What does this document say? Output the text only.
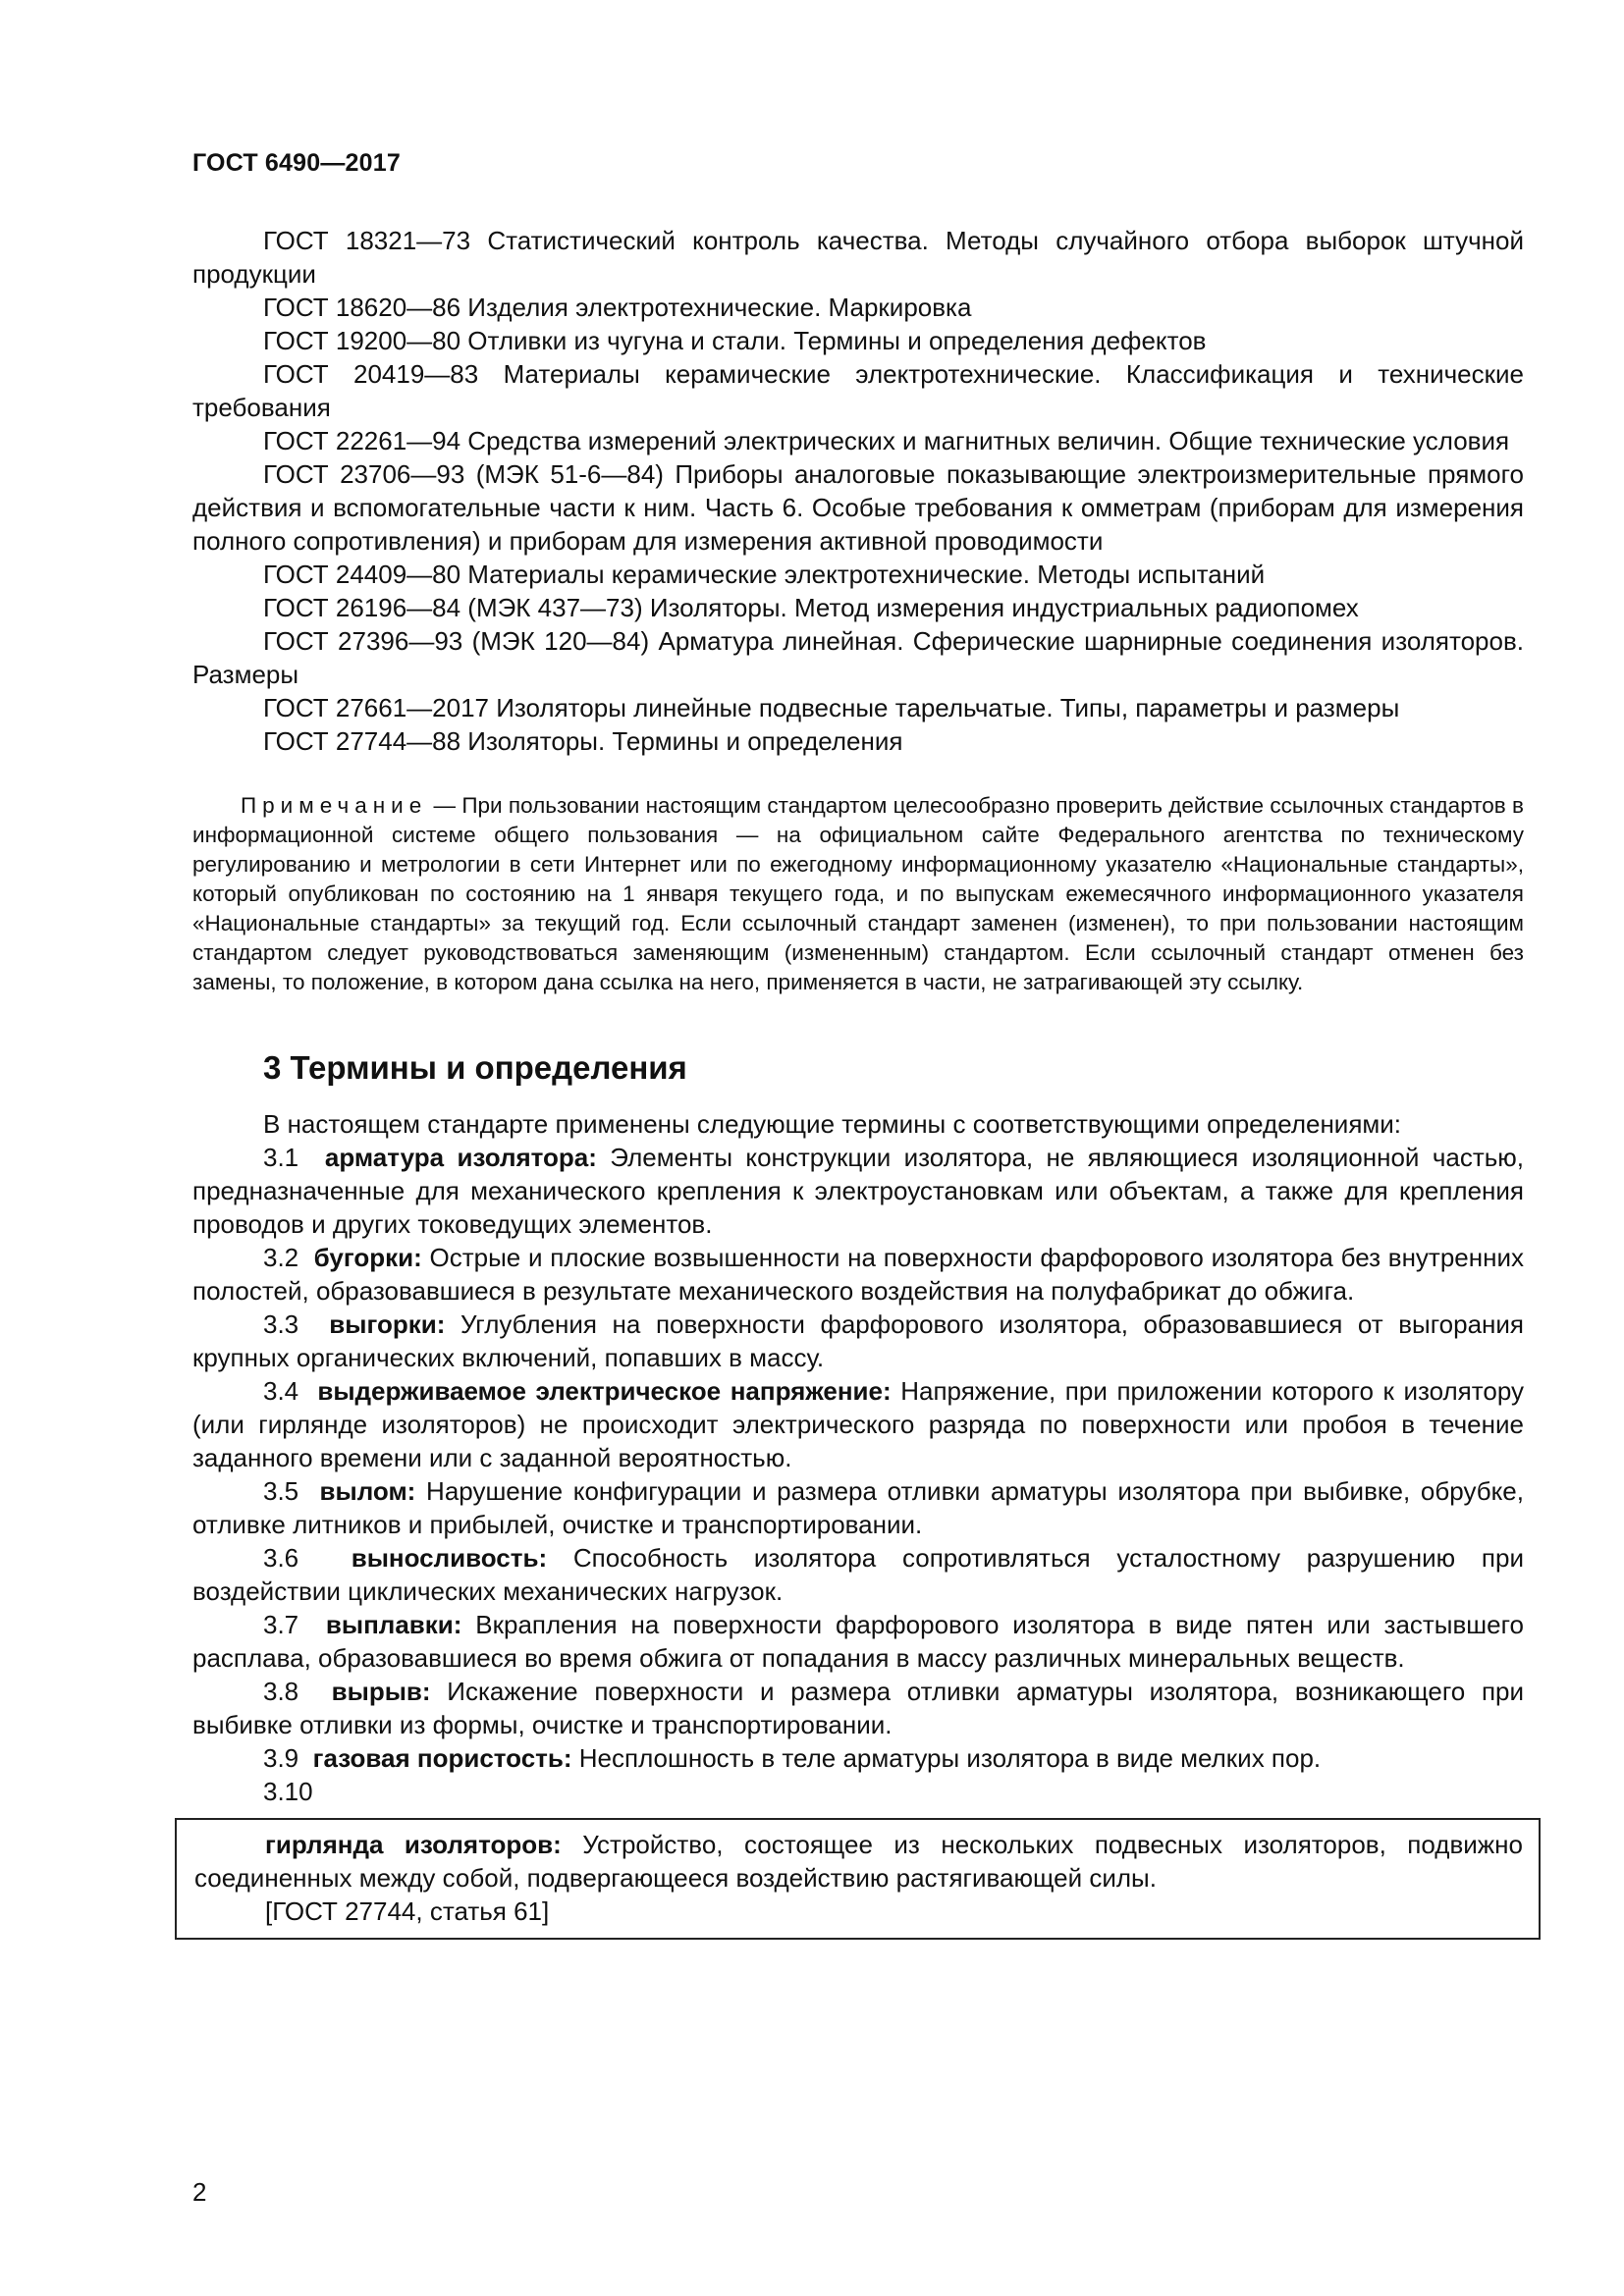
ГОСТ 6490—2017

ГОСТ 18321—73 Статистический контроль качества. Методы случайного отбора выборок штучной продукции

ГОСТ 18620—86 Изделия электротехнические. Маркировка

ГОСТ 19200—80 Отливки из чугуна и стали. Термины и определения дефектов

ГОСТ 20419—83 Материалы керамические электротехнические. Классификация и технические требования

ГОСТ 22261—94 Средства измерений электрических и магнитных величин. Общие технические условия

ГОСТ 23706—93 (МЭК 51-6—84) Приборы аналоговые показывающие электроизмерительные прямого действия и вспомогательные части к ним. Часть 6. Особые требования к омметрам (приборам для измерения полного сопротивления) и приборам для измерения активной проводимости

ГОСТ 24409—80 Материалы керамические электротехнические. Методы испытаний

ГОСТ 26196—84 (МЭК 437—73) Изоляторы. Метод измерения индустриальных радиопомех

ГОСТ 27396—93 (МЭК 120—84) Арматура линейная. Сферические шарнирные соединения изоляторов. Размеры

ГОСТ 27661—2017 Изоляторы линейные подвесные тарельчатые. Типы, параметры и размеры

ГОСТ 27744—88 Изоляторы. Термины и определения

Примечание — При пользовании настоящим стандартом целесообразно проверить действие ссылочных стандартов в информационной системе общего пользования — на официальном сайте Федерального агентства по техническому регулированию и метрологии в сети Интернет или по ежегодному информационному указателю «Национальные стандарты», который опубликован по состоянию на 1 января текущего года, и по выпускам ежемесячного информационного указателя «Национальные стандарты» за текущий год. Если ссылочный стандарт заменен (изменен), то при пользовании настоящим стандартом следует руководствоваться заменяющим (измененным) стандартом. Если ссылочный стандарт отменен без замены, то положение, в котором дана ссылка на него, применяется в части, не затрагивающей эту ссылку.

3 Термины и определения

В настоящем стандарте применены следующие термины с соответствующими определениями:

3.1 арматура изолятора: Элементы конструкции изолятора, не являющиеся изоляционной частью, предназначенные для механического крепления к электроустановкам или объектам, а также для крепления проводов и других токоведущих элементов.

3.2 бугорки: Острые и плоские возвышенности на поверхности фарфорового изолятора без внутренних полостей, образовавшиеся в результате механического воздействия на полуфабрикат до обжига.

3.3 выгорки: Углубления на поверхности фарфорового изолятора, образовавшиеся от выгорания крупных органических включений, попавших в массу.

3.4 выдерживаемое электрическое напряжение: Напряжение, при приложении которого к изолятору (или гирлянде изоляторов) не происходит электрического разряда по поверхности или пробоя в течение заданного времени или с заданной вероятностью.

3.5 вылом: Нарушение конфигурации и размера отливки арматуры изолятора при выбивке, обрубке, отливке литников и прибылей, очистке и транспортировании.

3.6 выносливость: Способность изолятора сопротивляться усталостному разрушению при воздействии циклических механических нагрузок.

3.7 выплавки: Вкрапления на поверхности фарфорового изолятора в виде пятен или застывшего расплава, образовавшиеся во время обжига от попадания в массу различных минеральных веществ.

3.8 вырыв: Искажение поверхности и размера отливки арматуры изолятора, возникающего при выбивке отливки из формы, очистке и транспортировании.

3.9 газовая пористость: Несплошность в теле арматуры изолятора в виде мелких пор.

3.10

гирлянда изоляторов: Устройство, состоящее из нескольких подвесных изоляторов, подвижно соединенных между собой, подвергающееся воздействию растягивающей силы.

[ГОСТ 27744, статья 61]

2
